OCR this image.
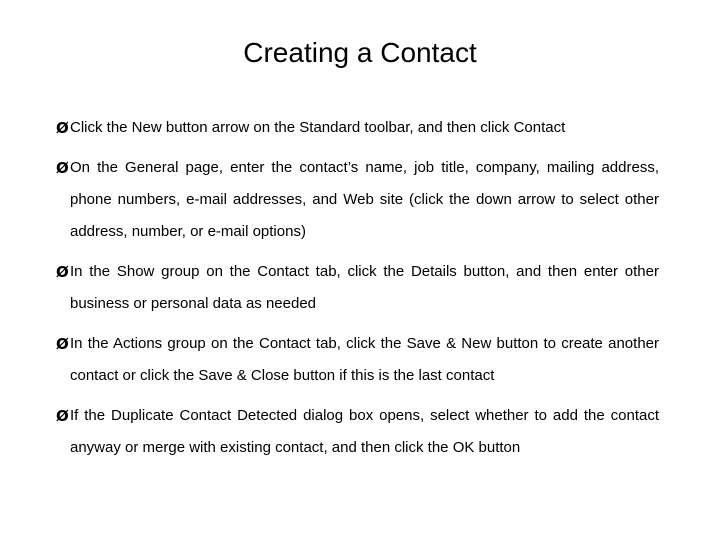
Creating a Contact
Ø Click the New button arrow on the Standard toolbar, and then click Contact
Ø On the General page, enter the contact’s name, job title, company, mailing address, phone numbers, e-mail addresses, and Web site (click the down arrow to select other address, number, or e-mail options)
Ø In the Show group on the Contact tab, click the Details button, and then enter other business or personal data as needed
Ø In the Actions group on the Contact tab, click the Save & New button to create another contact or click the Save & Close button if this is the last contact
Ø If the Duplicate Contact Detected dialog box opens, select whether to add the contact anyway or merge with existing contact, and then click the OK button
